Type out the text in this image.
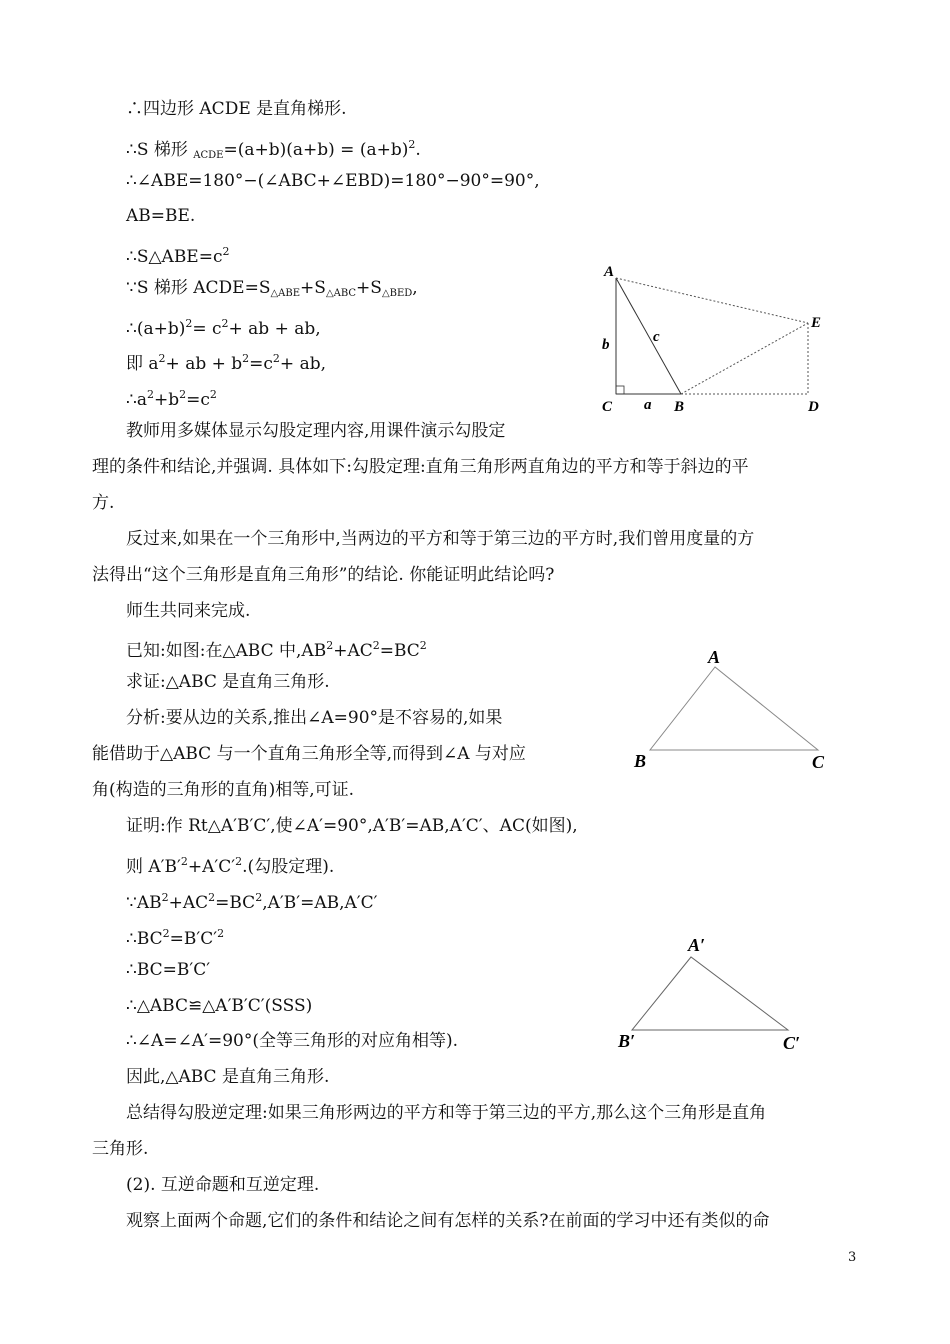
∴四边形 ACDE 是直角梯形.
∴S 梯形 $_{ACDE}=(a+b)(a+b) = (a+b)^2$.
∴∠ABE=180°−(∠ABC+∠EBD)=180°−90°=90°,
AB=BE.
$\therefore S\triangle ABE=c^2$
∵S 梯形 $ACDE=S_{\triangle ABE}+S_{\triangle ABC}+S_{\triangle BED}$,
$\therefore(a+b)^2= c^2+$ ab + ab,
即 $a^2+$ ab + $b^2=c^2+$ ab,
$\therefore a^2+b^2=c^2$
教师用多媒体显示勾股定理内容,用课件演示勾股定
理的条件和结论,并强调. 具体如下:勾股定理:直角三角形两直角边的平方和等于斜边的平
方.
反过来,如果在一个三角形中,当两边的平方和等于第三边的平方时,我们曾用度量的方
法得出“这个三角形是直角三角形”的结论. 你能证明此结论吗?
师生共同来完成.
已知:如图:在△ABC 中$,AB^2+AC^2=BC^2$
求证:△ABC 是直角三角形.
分析:要从边的关系,推出∠A=90°是不容易的,如果
能借助于△ABC 与一个直角三角形全等,而得到∠A 与对应
角(构造的三角形的直角)相等,可证.
证明:作 Rt△A′B′C′,使∠A′=90°,A′B′=AB,A′C′、AC(如图),
则 $A'B'^2+A'C'^2$.(勾股定理).
$\because AB^2+AC^2=BC^2,A'B'=AB,A'C'$
$\therefore BC^2=B'C'^2$
∴BC=B′C′
∴△ABC≌△A′B′C′(SSS)
∴∠A=∠A′=90°(全等三角形的对应角相等).
因此,△ABC 是直角三角形.
总结得勾股逆定理:如果三角形两边的平方和等于第三边的平方,那么这个三角形是直角
三角形.
(2). 互逆命题和互逆定理.
观察上面两个命题,它们的条件和结论之间有怎样的关系?在前面的学习中还有类似的命
A
b	c
E
C a B	D
A
B	C
A′
B′	C′
3
